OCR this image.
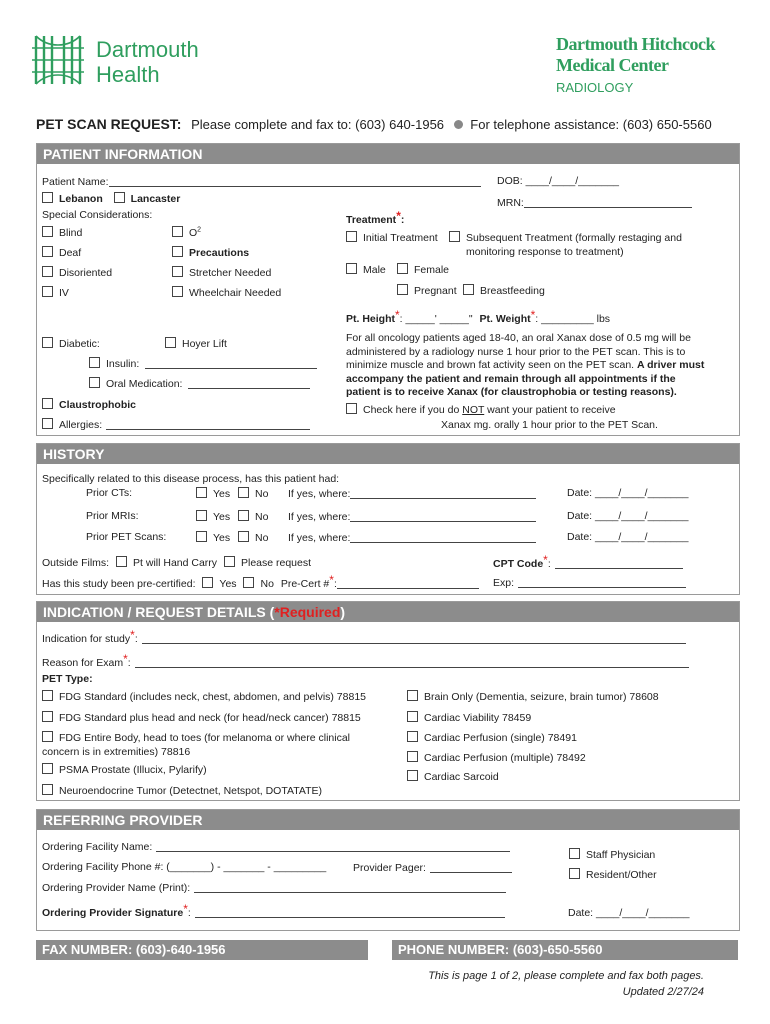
Dartmouth
Health
Dartmouth Hitchcock
Medical Center
RADIOLOGY
PET SCAN REQUEST: Please complete and fax to: (603) 640-1956 For telephone assistance: (603) 650-5560
PATIENT INFORMATION
Patient Name:	DOB: ____/____/_______
Lebanon	Lancaster	MRN:
Special Considerations:
Blind	$O^2$
Deaf	Precautions
Disoriented	Stretcher Needed
IV	Wheelchair Needed
Treatment*:
Initial Treatment	Subsequent Treatment (formally restaging and
monitoring response to treatment)
Male	Female
Pregnant	Breastfeeding
Pt. Height*: _____' _____" Pt. Weight*: _________ lbs
Diabetic:	Hoyer Lift
Insulin:
Oral Medication:
Claustrophobic
Allergies:
For all oncology patients aged 18-40, an oral Xanax dose of 0.5 mg will be
administered by a radiology nurse 1 hour prior to the PET scan. This is to
minimize muscle and brown fat activity seen on the PET scan. A driver must
accompany the patient and remain through all appointments if the
patient is to receive Xanax (for claustrophobia or testing reasons).
Check here if you do NOT want your patient to receive
Xanax mg. orally 1 hour prior to the PET Scan.
HISTORY
Specifically related to this disease process, has this patient had:
Prior CTs:	Yes	No If yes, where:	Date: ____/____/_______
Prior MRIs:	Yes	No If yes, where:	Date: ____/____/_______
Prior PET Scans:	Yes	No If yes, where:	Date: ____/____/_______
Outside Films: Pt will Hand Carry Please request	CPT Code*:
Has this study been pre-certified: Yes No Pre-Cert #*:	Exp:
INDICATION / REQUEST DETAILS (*Required)
Indication for study*:
Reason for Exam*:
PET Type:
FDG Standard (includes neck, chest, abdomen, and pelvis) 78815
FDG Standard plus head and neck (for head/neck cancer) 78815
FDG Entire Body, head to toes (for melanoma or where clinical
concern is in extremities) 78816
PSMA Prostate (Illucix, Pylarify)
Neuroendocrine Tumor (Detectnet, Netspot, DOTATATE)
Brain Only (Dementia, seizure, brain tumor) 78608
Cardiac Viability 78459
Cardiac Perfusion (single) 78491
Cardiac Perfusion (multiple) 78492
Cardiac Sarcoid
REFERRING PROVIDER
Ordering Facility Name:
Ordering Facility Phone #: (_______) - _______ - _________	Provider Pager:
Ordering Provider Name (Print):
Ordering Provider Signature*:	Date: ____/____/_______
Staff Physician
Resident/Other
FAX NUMBER: (603)-640-1956	PHONE NUMBER: (603)-650-5560
This is page 1 of 2, please complete and fax both pages.
Updated 2/27/24
